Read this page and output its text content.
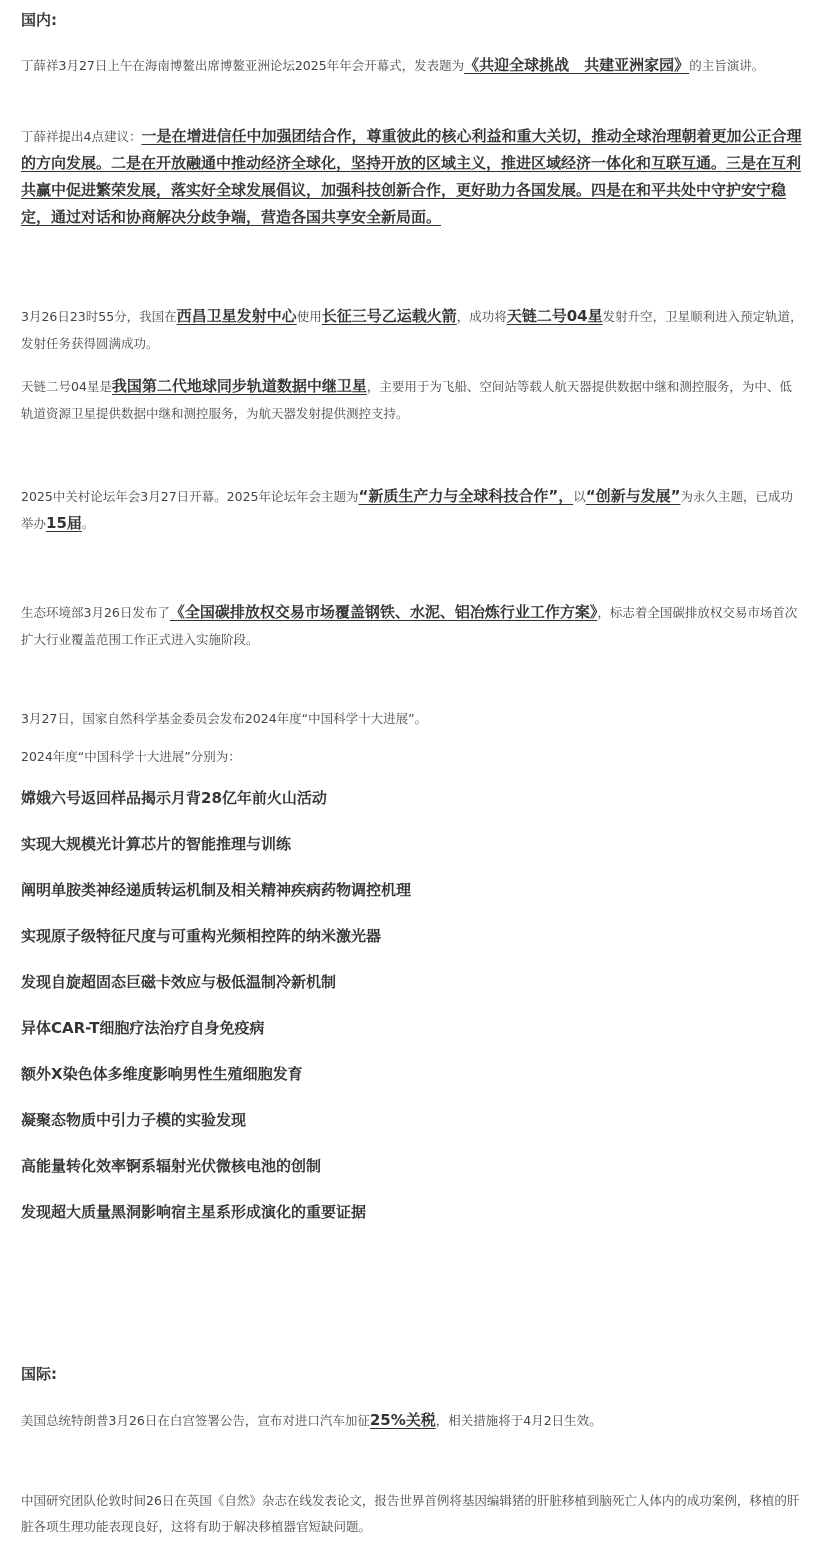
国内:

丁薛祥3月27日上午在海南博鳌出席博鳌亚洲论坛2025年年会开幕式，发表题为《共迎全球挑战　共建亚洲家园》的主旨演讲。

丁薛祥提出4点建议：一是在增进信任中加强团结合作，尊重彼此的核心利益和重大关切，推动全球治理朝着更加公正合理的方向发展。二是在开放融通中推动经济全球化，坚持开放的区域主义，推进区域经济一体化和互联互通。三是在互利共赢中促进繁荣发展，落实好全球发展倡议，加强科技创新合作，更好助力各国发展。四是在和平共处中守护安宁稳定，通过对话和协商解决分歧争端，营造各国共享安全新局面。

3月26日23时55分，我国在西昌卫星发射中心使用长征三号乙运载火箭，成功将天链二号04星发射升空，卫星顺利进入预定轨道，发射任务获得圆满成功。

天链二号04星是我国第二代地球同步轨道数据中继卫星，主要用于为飞船、空间站等载人航天器提供数据中继和测控服务，为中、低轨道资源卫星提供数据中继和测控服务，为航天器发射提供测控支持。

2025中关村论坛年会3月27日开幕。2025年论坛年会主题为“新质生产力与全球科技合作”，以“创新与发展”为永久主题，已成功举办15届。

生态环境部3月26日发布了《全国碳排放权交易市场覆盖钢铁、水泥、铝冶炼行业工作方案》，标志着全国碳排放权交易市场首次扩大行业覆盖范围工作正式进入实施阶段。

3月27日，国家自然科学基金委员会发布2024年度“中国科学十大进展”。

2024年度“中国科学十大进展”分别为：

嫦娥六号返回样品揭示月背28亿年前火山活动
实现大规模光计算芯片的智能推理与训练
阐明单胺类神经递质转运机制及相关精神疾病药物调控机理
实现原子级特征尺度与可重构光频相控阵的纳米激光器
发现自旋超固态巨磁卡效应与极低温制冷新机制
异体CAR-T细胞疗法治疗自身免疫病
额外X染色体多维度影响男性生殖细胞发育
凝聚态物质中引力子模的实验发现
高能量转化效率锕系辐射光伏微核电池的创制
发现超大质量黑洞影响宿主星系形成演化的重要证据
国际:

美国总统特朗普3月26日在白宫签署公告，宣布对进口汽车加征25%关税，相关措施将于4月2日生效。

中国研究团队伦敦时间26日在英国《自然》杂志在线发表论文，报告世界首例将基因编辑猪的肝脏移植到脑死亡人体内的成功案例，移植的肝脏各项生理功能表现良好，这将有助于解决移植器官短缺问题。
